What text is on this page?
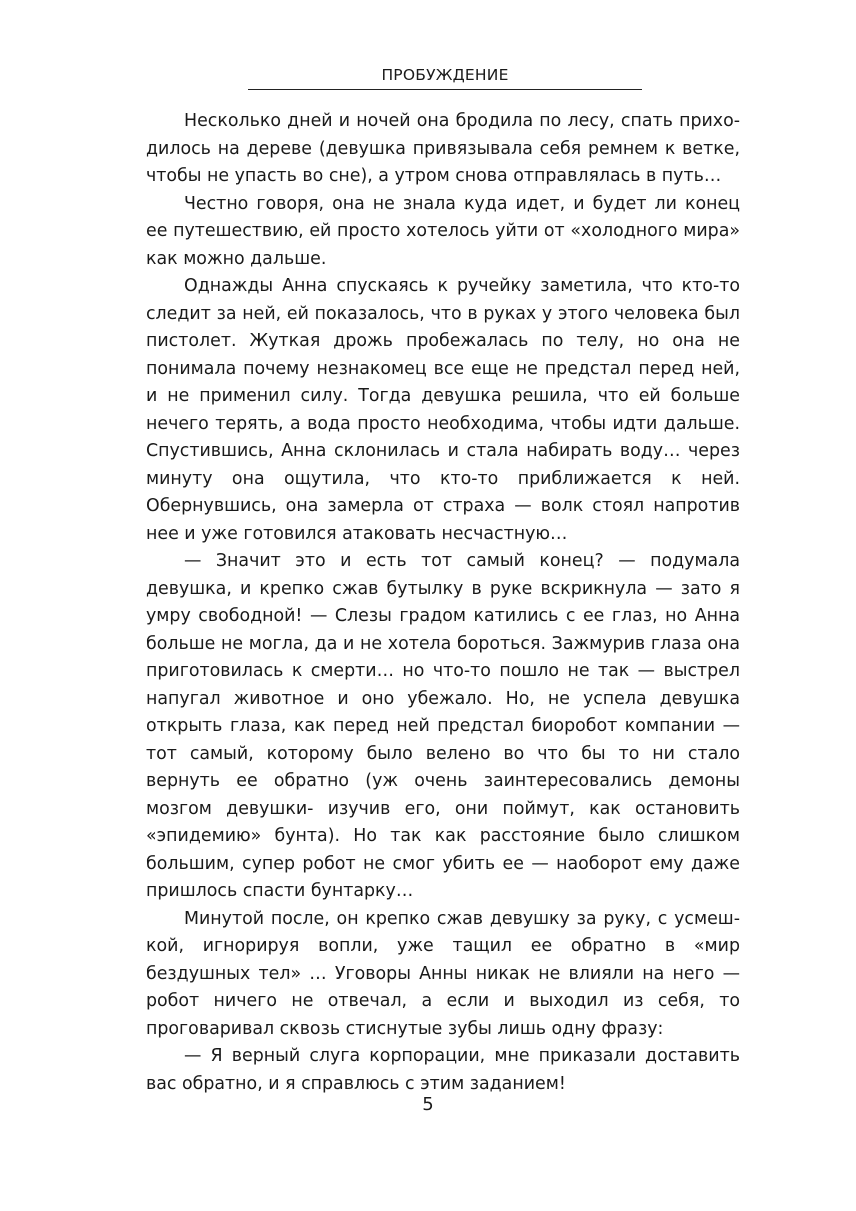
ПРОБУЖДЕНИЕ

Несколько дней и ночей она бродила по лесу, спать приходилось на дереве (девушка привязывала себя ремнем к ветке, чтобы не упасть во сне), а утром снова отправлялась в путь…

Честно говоря, она не знала куда идет, и будет ли конец ее путешествию, ей просто хотелось уйти от «холодного мира» как можно дальше.

Однажды Анна спускаясь к ручейку заметила, что кто-то следит за ней, ей показалось, что в руках у этого человека был пистолет. Жуткая дрожь пробежалась по телу, но она не понимала почему незнакомец все еще не предстал перед ней, и не применил силу. Тогда девушка решила, что ей больше нечего терять, а вода просто необходима, чтобы идти дальше. Спустившись, Анна склонилась и стала набирать воду… через минуту она ощутила, что кто-то приближается к ней. Обернувшись, она замерла от страха — волк стоял напротив нее и уже готовился атаковать несчастную…

— Значит это и есть тот самый конец? — подумала девушка, и крепко сжав бутылку в руке вскрикнула — зато я умру свободной! — Слезы градом катились с ее глаз, но Анна больше не могла, да и не хотела бороться. Зажмурив глаза она приготовилась к смерти… но что-то пошло не так — выстрел напугал животное и оно убежало. Но, не успела девушка открыть глаза, как перед ней предстал биоробот компании — тот самый, которому было велено во что бы то ни стало вернуть ее обратно (уж очень заинтересовались демоны мозгом девушки- изучив его, они поймут, как остановить «эпидемию» бунта). Но так как расстояние было слишком большим, супер робот не смог убить ее — наоборот ему даже пришлось спасти бунтарку…

Минутой после, он крепко сжав девушку за руку, с усмешкой, игнорируя вопли, уже тащил ее обратно в «мир бездушных тел» … Уговоры Анны никак не влияли на него — робот ничего не отвечал, а если и выходил из себя, то проговаривал сквозь стиснутые зубы лишь одну фразу:

— Я верный слуга корпорации, мне приказали доставить вас обратно, и я справлюсь с этим заданием!

5
